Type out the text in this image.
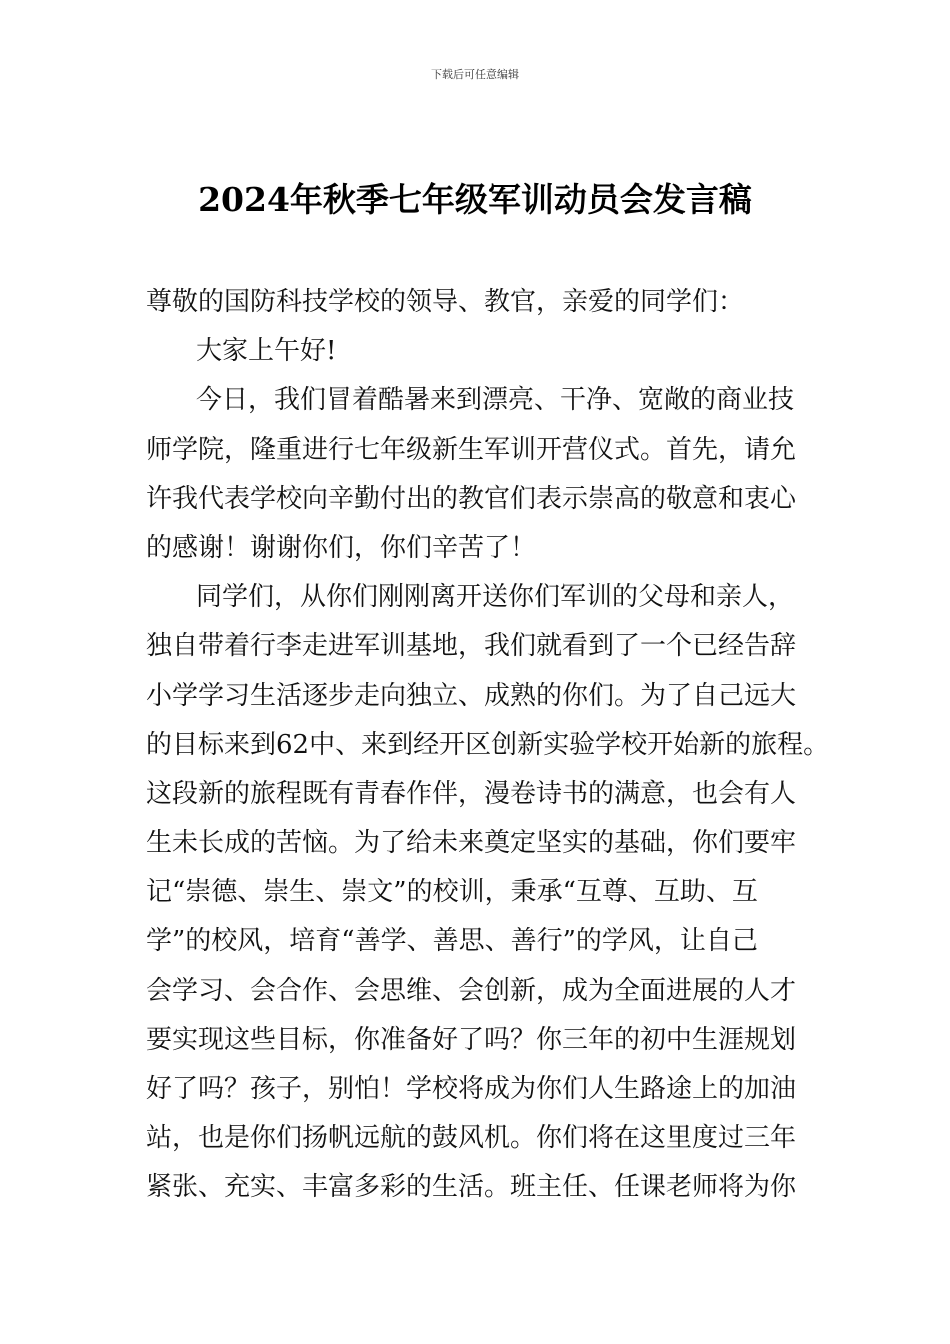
下载后可任意编辑
2024年秋季七年级军训动员会发言稿
尊敬的国防科技学校的领导、教官，亲爱的同学们：
大家上午好!
今日，我们冒着酷暑来到漂亮、干净、宽敞的商业技
师学院，隆重进行七年级新生军训开营仪式。首先，请允
许我代表学校向辛勤付出的教官们表示崇高的敬意和衷心
的感谢！谢谢你们，你们辛苦了！
同学们，从你们刚刚离开送你们军训的父母和亲人，
独自带着行李走进军训基地，我们就看到了一个已经告辞
小学学习生活逐步走向独立、成熟的你们。为了自己远大
的目标来到62中、来到经开区创新实验学校开始新的旅程。
这段新的旅程既有青春作伴，漫卷诗书的满意，也会有人
生未长成的苦恼。为了给未来奠定坚实的基础，你们要牢
记“崇德、崇生、崇文”的校训，秉承“互尊、互助、互
学”的校风，培育“善学、善思、善行”的学风，让自己
会学习、会合作、会思维、会创新，成为全面进展的人才
要实现这些目标，你准备好了吗？你三年的初中生涯规划
好了吗？孩子，别怕！学校将成为你们人生路途上的加油
站，也是你们扬帆远航的鼓风机。你们将在这里度过三年
紧张、充实、丰富多彩的生活。班主任、任课老师将为你
